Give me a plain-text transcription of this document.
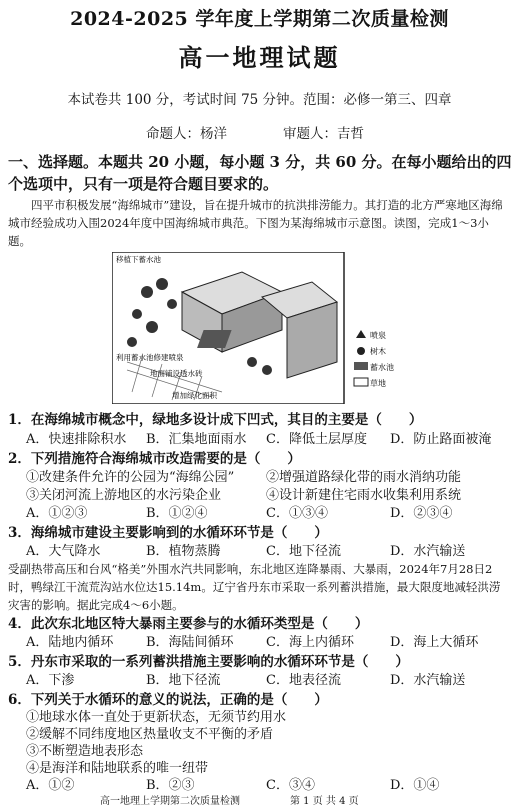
2024-2025 学年度上学期第二次质量检测
高一地理试题
本试卷共 100 分，考试时间 75 分钟。范围：必修一第三、四章
命题人：杨洋	审题人：吉哲
一、选择题。本题共 20 小题，每小题 3 分，共 60 分。在每小题给出的四
个选项中，只有一项是符合题目要求的。
四平市积极发展“海绵城市”建设，旨在提升城市的抗洪排涝能力。其打造的北方严寒地区海绵城市经验成功入围2024年度中国海绵城市典范。下图为某海绵城市示意图。读图，完成1～3小题。
移植下蓄水池
利用蓄水池修建喷泉
地面铺设透水砖
增加绿化面积
喷泉
树木
蓄水池
草地
1．在海绵城市概念中，绿地多设计成下凹式，其目的主要是（　　）
A．快速排除积水 B．汇集地面雨水 C．降低土层厚度 D．防止路面被淹
2．下列措施符合海绵城市改造需要的是（　　）
①改建条件允许的公园为“海绵公园” ②增强道路绿化带的雨水消纳功能
③关闭河流上游地区的水污染企业	④设计新建住宅雨水收集利用系统
A．①②③	B．①②④	C．①③④	D．②③④
3．海绵城市建设主要影响到的水循环环节是（　　）
A．大气降水	B．植物蒸腾	C．地下径流	D．水汽输送
受副热带高压和台风“格美”外围水汽共同影响，东北地区连降暴雨、大暴雨，2024年7月28日2时，鸭绿江干流荒沟站水位达15.14m。辽宁省丹东市采取一系列蓄洪措施，最大限度地减轻洪涝灾害的影响。据此完成4～6小题。
4．此次东北地区特大暴雨主要参与的水循环类型是（　　）
A．陆地内循环	B．海陆间循环 C．海上内循环	D．海上大循环
5．丹东市采取的一系列蓄洪措施主要影响的水循环环节是（　　）
A．下渗	B．地下径流	C．地表径流	D．水汽输送
6．下列关于水循环的意义的说法，正确的是（　　）
①地球水体一直处于更新状态，无须节约用水
②缓解不同纬度地区热量收支不平衡的矛盾
③不断塑造地表形态
④是海洋和陆地联系的唯一纽带
A．①②	B．②③	C．③④	D．①④
高一地理上学期第二次质量检测	第 1 页 共 4 页
